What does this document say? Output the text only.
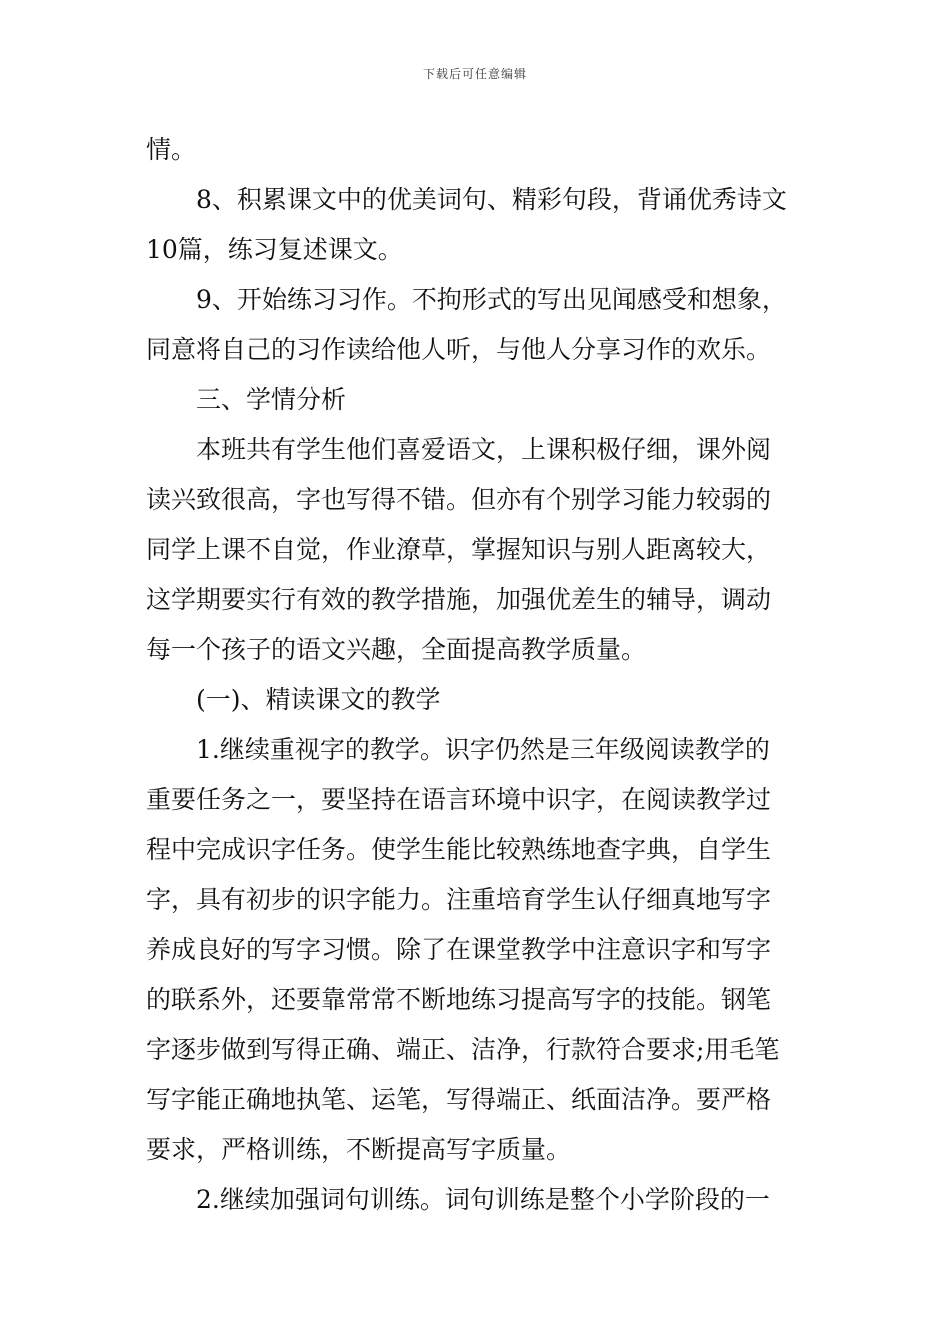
下载后可任意编辑
情。
8、积累课文中的优美词句、精彩句段，背诵优秀诗文
10篇，练习复述课文。
9、开始练习习作。不拘形式的写出见闻感受和想象，
同意将自己的习作读给他人听，与他人分享习作的欢乐。
三、学情分析
本班共有学生他们喜爱语文，上课积极仔细，课外阅
读兴致很高，字也写得不错。但亦有个别学习能力较弱的
同学上课不自觉，作业潦草，掌握知识与别人距离较大，
这学期要实行有效的教学措施，加强优差生的辅导，调动
每一个孩子的语文兴趣，全面提高教学质量。
(一)、精读课文的教学
1.继续重视字的教学。识字仍然是三年级阅读教学的
重要任务之一，要坚持在语言环境中识字，在阅读教学过
程中完成识字任务。使学生能比较熟练地查字典，自学生
字，具有初步的识字能力。注重培育学生认仔细真地写字
养成良好的写字习惯。除了在课堂教学中注意识字和写字
的联系外，还要靠常常不断地练习提高写字的技能。钢笔
字逐步做到写得正确、端正、洁净，行款符合要求;用毛笔
写字能正确地执笔、运笔，写得端正、纸面洁净。要严格
要求，严格训练，不断提高写字质量。
2.继续加强词句训练。词句训练是整个小学阶段的一
